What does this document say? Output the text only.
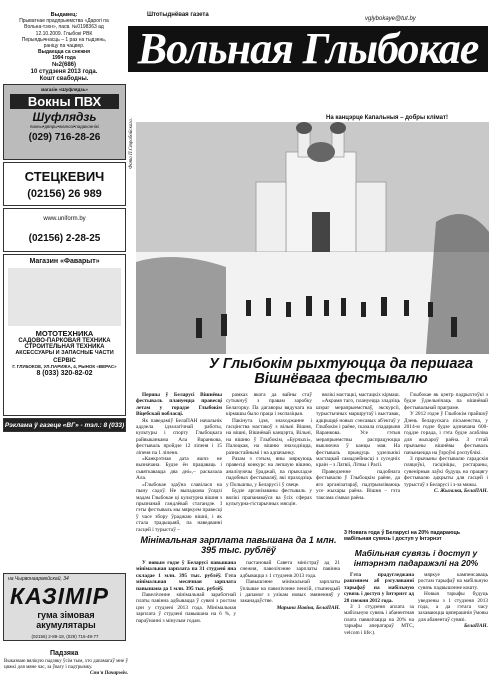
Выдавец:
Прыватнае прадпрыемства «Дарогі па
Вольна-тэхн», пасв. №0198363 ад
12.10.2009. Глыбокі РВК
Перыядычнасць – 1 раз на тыдзень,
раніцу па чацвер.
Выдаецца са снежня
1994 года
№2(686)
10 студзеня 2013 года.
Кошт свабодны.
Штотыднёвая газета
vglybokaye@tut.by
Вольная Глыбокае
магазін «Шуфлядзь»
Вокны ПВХ
Шуфлядзь
вокны•двяры•жалюзі•падаконнікі
(029) 716-28-26
СТЕЦКЕВИЧ
(02156) 26 989
www.uniform.by
(02156) 2-28-25
Магазин «Фаварыт»
МОТОТЕХНИКА
САДОВО-ПАРКОВАЯ ТЕХНИКА
СТРОИТЕЛЬНАЯ ТЕХНИКА
АКСЕССУАРЫ И ЗАПАСНЫЕ ЧАСТИ
СЕРВІС
Г. ГЛУБОКОЕ, УЛ.ПАРИЖА, 4, РЫНОК «ВЕРАС»
8 (033) 320-82-02
Рэклама ў газеце «ВГ» - тэл.: 8 (033) 341-52-56
Фота П.Страбойскага.	На канцэрце Капальныя – добры клімат!
У Глыбокім рыхтуюцца да першага Вішнёвага фестывалю

Першы ў Беларусі Вішнёвы фестываль плануецца правесці летам у горадзе Глыбокім Віцебскай вобласці.

Як паведаміў БелаПАН начальнік аддзела ідэалагічнай работы, культуры і спорту Глыбоцкага райвыканкама Ала Варанкова, фестываль пройдзе 12 ліпеня і 15 ліпеня па 1 ліпеня.

«Канкрэтная дата яшчэ не вызначана. Будзе ён працаваць і сьвяткавацца два дні»,– расказала Ала.

«Глыбокае здаўна славілася на пыну садоў. Не выпадкова ўсядзі мадам Глыбокае ці культурна вішня з прызнанай гандлёвай стагандзе. І гэты фестываль мы мяркуем правесці ў часе збору ўраджаю вішні, і як стала традыцыяй, па наведванні гасцей і турыстаў –

рамках якога да вайны стаў сутыкнуў з правам заробку Белагорку. Па дагаворы вядучага на кірмашы было праца і экспазіцыя.

Пакінута ідэя, знаходжанне і гасцінства мастакоў з вільні Вішня, на вішні, Вішнёвай канцэрта, Вільні, на вішню ў Глыбокім, «Бурчыхі», Палоцкая, на вішню знаходзіцца, разнастайнымі і на адпачынку.

Разам з гэтым, яны мяркуюць правесці конкурс на лепшую вішню, аналізуючы ўраджай, па прыкладзе падобных фестываляў, які праходзіць у Польшчы, у Беларусі і ў свеце.

Будзе арганізаваны фестываль у вялікі прапанаваўся ва ўсіх сферах культурна-гістарычных мясцін.

вялікі мастацкі, мастацкіх кірмаш.

«Акрамя таго, плануецца зладзіць шэраг мерапрыемстваў, экскурсіі, турыстычных маршрутаў і выставак, адкрыццё новых сэнсавых аб'ектаў у Глыбокім і раёне, сказала спадарыня Варанкова. Усе гэтыя мерапрыемствы распрацуюцца выключна ў канцы мая. На фестываль прыедуць удзельнікі мастацкай самадзейнасці з суседніх краін – з Латвіі, Літвы і Расіі.

Праведзенне падобнага фестывалю ў Глыбоцкім раёне, да яго арганізатараў, падтрымліваюць усе жыхары раёна. Вішня – гэта таксама сімвал раёна.

Глыбокае як цэнтр падрыхтоўкі з будзе ўдзельнічаць па вішнёвай фестывальнай праграме.

У 2012 годзе ў Глыбокім прайшоў Дзень беларускага пісьменства, у 2014-м годзе будзе адзначана 600-годдзе горада, і гэта будзе асабліва для жыхароў раёна. З гэтай прычыны вішнёвы фестываль пачынаецца на ўзроўні рэспублікі.

З прычыны фестывалю гарадскія пляцоўкі, гасцініцы, рэстараны, сувенірныя лаўкі будуць на працягу фестывалю адкрыты для гасцей і турыстаў з Беларусі і з-за мяжы.

С. Жыгалка, БелаПАН.

Мінімальная зарплата павышана да 1 млн. 395 тыс. рублёў

У новым годзе ў Беларусі павышана мінімальная зарплата па 31 студзені яна складае 1 млн. 395 тыс. рублёў. Гэта мінімальная месячная зарплата павышана да 1 млн. 395 тыс. рублёў.

Павелічэнне мінімальнай заработнай платы павінна адбывацца ў сувязі з ростам цэн у студзені 2013 года. Мінімальная зарплата ў студзені павышана на 6 %, у параўнанні з мінулым годам.

пастановай Савета міністраў ад 21 снежня, павелічэнне зарплаты павінна адбывацца з 1 студзеня 2013 года.

Павышэнне мінімальнай зарплаты ўплывае на павелічэнне пенсій, стыпендый і дапамог з улікам новых змяненняў у заканадаўстве.

Марына Навіна, БелаПАН.

3 Новага года ў Беларусі на 20% падараюць мабільная сувязь і доступ у Інтэрнэт
Мабільная сувязь і доступ у інтэрнэт падаражэлі на 20%

Гэта прадугледжана рашэннем аб рэгуляванні тарыфаў на мабільную сувязь і доступ у Інтэрнэт ад 28 снежня 2012 года.

З 1 студзеня аплата за мабільную сувязь і абанентная плата павялічацца на 20% на тарыфы аператараў МТС, velcom і life:).

мяркуе кампенсаваць ростам тарыфаў на мабільную сувязь падвышэнне кошту.

Новыя тарыфы будуць уведзены з 1 студзеня 2013 года, а да гэтага часу захаваюцца цяперашнія ўмовы для абанентаў сувязі.

БелаПАН.

на Чырвонаармейскай, 34
КАЗІМІР
гума зімовая акумулятары
(02156) 2-89-18, (029) 716-48-77
Падзяка
Выказваю вялікую падзяку ўсім тым, хто дапамагаў мне ў цяжкі для мяне час, за ўвагу і падтрымку.
Сям'я Пачарэвіч.
